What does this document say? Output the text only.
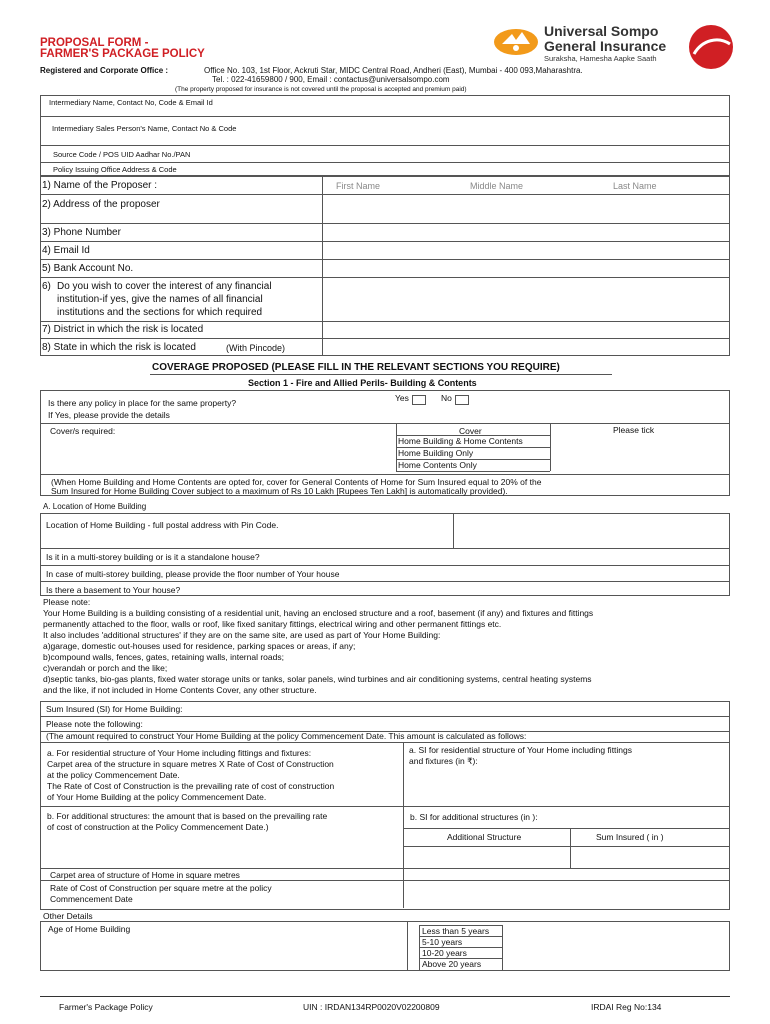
PROPOSAL FORM -
FARMER'S PACKAGE POLICY
Universal Sompo
General Insurance
Suraksha, Hamesha Aapke Saath
Registered and Corporate Office :	Office No. 103, 1st Floor, Ackruti Star, MIDC Central Road, Andheri (East), Mumbai - 400 093,Maharashtra.
Tel. : 022-41659800 / 900, Email : contactus@universalsompo.com
(The property proposed for insurance is not covered until the proposal is accepted and premium paid)
Intermediary Name, Contact No, Code & Email Id
Intermediary Sales Person's Name, Contact No & Code
Source Code / POS UID Aadhar No./PAN
Policy Issuing Office Address & Code
1) Name of the Proposer :	First Name	Middle Name	Last Name
2) Address of the proposer
3) Phone Number
4) Email Id
5) Bank Account No.
6) Do you wish to cover the interest of any financial
institution-if yes, give the names of all financial
institutions and the sections for which required
7) District in which the risk is located
8) State in which the risk is located	(With Pincode)
COVERAGE PROPOSED (PLEASE FILL IN THE RELEVANT SECTIONS YOU REQUIRE)
Section 1 - Fire and Allied Perils- Building & Contents
Is there any policy in place for the same property?
If Yes, please provide the details
Yes	No
Cover/s required:	Cover	Please tick
Home Building & Home Contents
Home Building Only
Home Contents Only
(When Home Building and Home Contents are opted for, cover for General Contents of Home for Sum Insured equal to 20% of the
Sum Insured for Home Building Cover subject to a maximum of Rs 10 Lakh [Rupees Ten Lakh] is automatically provided).
A. Location of Home Building
Location of Home Building - full postal address with Pin Code.
Is it in a multi-storey building or is it a standalone house?
In case of multi-storey building, please provide the floor number of Your house
Is there a basement to Your house?
Please note:
Your Home Building is a building consisting of a residential unit, having an enclosed structure and a roof, basement (if any) and fixtures and fittings
permanently attached to the floor, walls or roof, like fixed sanitary fittings, electrical wiring and other permanent fittings etc.
It also includes 'additional structures' if they are on the same site, are used as part of Your Home Building:
a)garage, domestic out-houses used for residence, parking spaces or areas, if any;
b)compound walls, fences, gates, retaining walls, internal roads;
c)verandah or porch and the like;
d)septic tanks, bio-gas plants, fixed water storage units or tanks, solar panels, wind turbines and air conditioning systems, central heating systems
and the like, if not included in Home Contents Cover, any other structure.
Sum Insured (SI) for Home Building:
Please note the following:
(The amount required to construct Your Home Building at the policy Commencement Date. This amount is calculated as follows:
a. For residential structure of Your Home including fittings and fixtures:
Carpet area of the structure in square metres X Rate of Cost of Construction
at the policy Commencement Date.
The Rate of Cost of Construction is the prevailing rate of cost of construction
of Your Home Building at the policy Commencement Date.
a. SI for residential structure of Your Home including fittings
and fixtures (in ₹):
b. For additional structures: the amount that is based on the prevailing rate
of cost of construction at the Policy Commencement Date.)
b. SI for additional structures (in ):
Additional Structure	Sum Insured ( in )
Carpet area of structure of Home in square metres
Rate of Cost of Construction per square metre at the policy
Commencement Date
Other Details
Age of Home Building	Less than 5 years
5-10 years
10-20 years
Above 20 years
Farmer's Package Policy	UIN : IRDAN134RP0020V02200809	IRDAI Reg No:134
